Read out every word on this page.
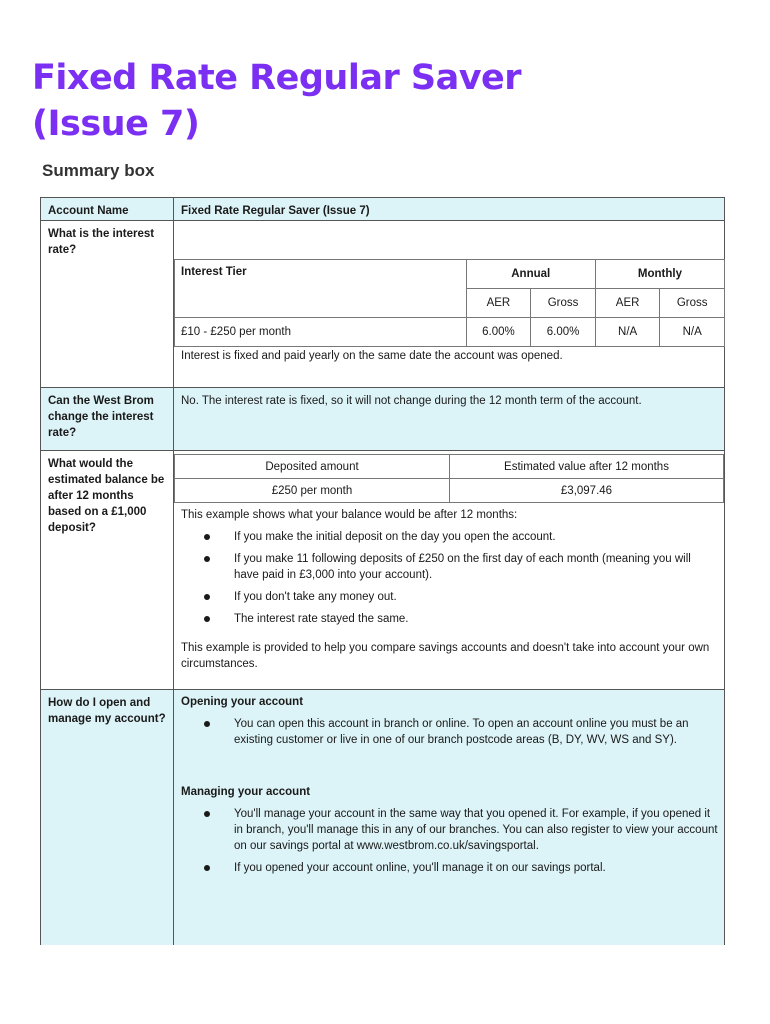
Fixed Rate Regular Saver
(Issue 7)
Summary box
Account Name	Fixed Rate Regular Saver (Issue 7)
What is the interest rate?
Interest Tier	Annual		Monthly	
	AER	Gross	AER	Gross
£10 - £250 per month	6.00%	6.00%	N/A	N/A
Interest is fixed and paid yearly on the same date the account was opened.
Can the West Brom change the interest rate?
No. The interest rate is fixed, so it will not change during the 12 month term of the account.
What would the estimated balance be after 12 months based on a £1,000 deposit?
Deposited amount	Estimated value after 12 months
£250 per month	£3,097.46
This example shows what your balance would be after 12 months:
If you make the initial deposit on the day you open the account.
If you make 11 following deposits of £250 on the first day of each month (meaning you will have paid in £3,000 into your account).
If you don't take any money out.
The interest rate stayed the same.
This example is provided to help you compare savings accounts and doesn't take into account your own circumstances.
How do I open and manage my account?
Opening your account
You can open this account in branch or online. To open an account online you must be an existing customer or live in one of our branch postcode areas (B, DY, WV, WS and SY).
Managing your account
You'll manage your account in the same way that you opened it. For example, if you opened it in branch, you'll manage this in any of our branches. You can also register to view your account on our savings portal at www.westbrom.co.uk/savingsportal.
If you opened your account online, you'll manage it on our savings portal.
